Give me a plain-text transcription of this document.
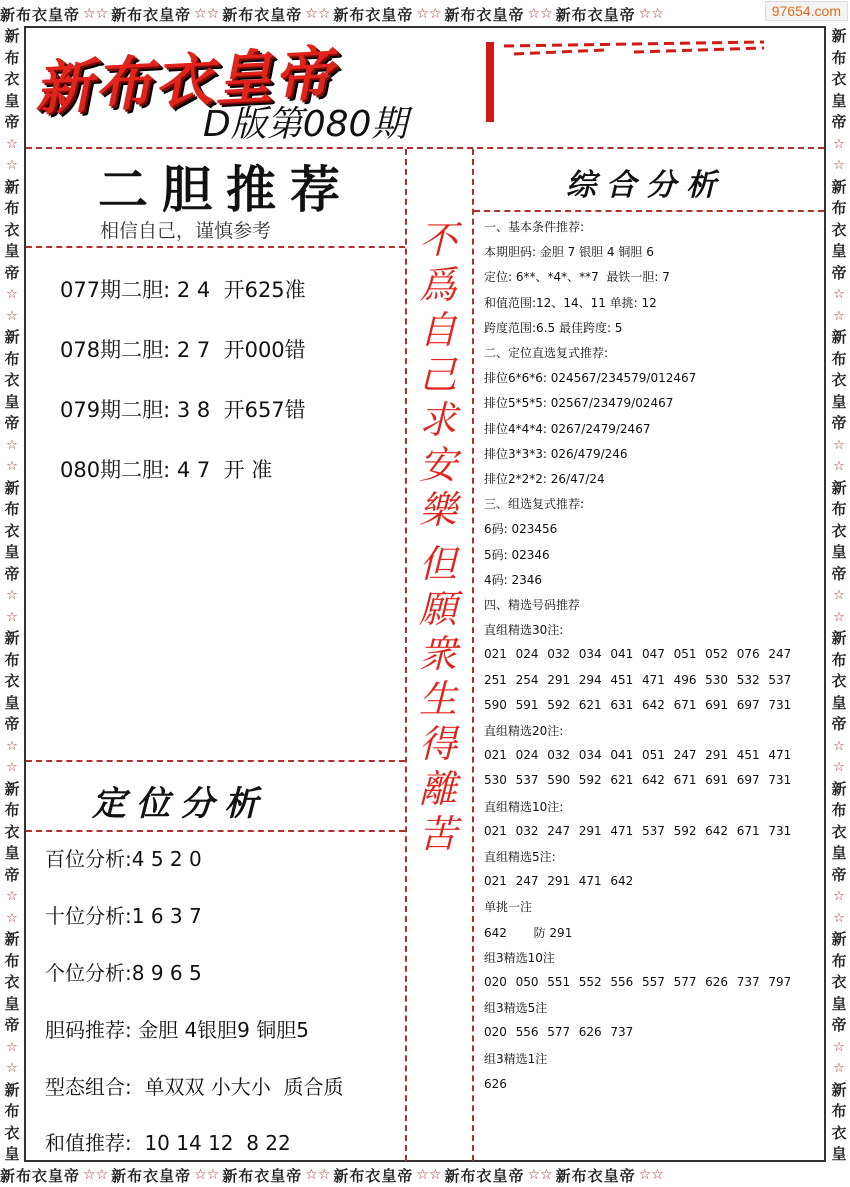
新布衣皇帝 ☆☆ 新布衣皇帝 ☆☆ 新布衣皇帝 ☆☆ 新布衣皇帝 ☆☆ 新布衣皇帝 ☆☆ 新布衣皇帝 ☆☆
新布衣皇帝 ☆☆ 新布衣皇帝 ☆☆ 新布衣皇帝 ☆☆ 新布衣皇帝 ☆☆ 新布衣皇帝 ☆☆ 新布衣皇帝 ☆☆
新
布
衣
皇
帝
☆
☆
新
布
衣
皇
帝
☆
☆
新
布
衣
皇
帝
☆
☆
新
布
衣
皇
帝
☆
☆
新
布
衣
皇
帝
☆
☆
新
布
衣
皇
帝
☆
☆
新
布
衣
皇
帝
☆
☆
新
布
衣
皇
新
布
衣
皇
帝
☆
☆
新
布
衣
皇
帝
☆
☆
新
布
衣
皇
帝
☆
☆
新
布
衣
皇
帝
☆
☆
新
布
衣
皇
帝
☆
☆
新
布
衣
皇
帝
☆
☆
新
布
衣
皇
帝
☆
☆
新
布
衣
皇
97654.com
新布衣皇帝
D版第080期
二胆推荐
相信自己，谨慎参考
077期二胆: 2 4  开625准
078期二胆: 2 7  开000错
079期二胆: 3 8  开657错
080期二胆: 4 7  开 准
定位分析
百位分析:4 5 2 0
十位分析:1 6 3 7
个位分析:8 9 6 5
胆码推荐: 金胆 4银胆9 铜胆5
型态组合:  单双双 小大小  质合质
和值推荐:  10 14 12  8 22
不
爲
自
己
求
安
樂
但
願
衆
生
得
離
苦
综合分析
一、基本条件推荐:
本期胆码: 金胆 7 银胆 4 铜胆 6
定位: 6**、*4*、**7  最铁一胆: 7
和值范围:12、14、11 单挑: 12
跨度范围:6.5 最佳跨度: 5
二、定位直选复式推荐:
排位6*6*6: 024567/234579/012467
排位5*5*5: 02567/23479/02467
排位4*4*4: 0267/2479/2467
排位3*3*3: 026/479/246
排位2*2*2: 26/47/24
三、组选复式推荐:
6码: 023456
5码: 02346
4码: 2346
四、精选号码推荐
直组精选30注:
021 024 032 034 041 047 051 052 076 247
251 254 291 294 451 471 496 530 532 537
590 591 592 621 631 642 671 691 697 731
直组精选20注:
021 024 032 034 041 051 247 291 451 471
530 537 590 592 621 642 671 691 697 731
直组精选10注:
021 032 247 291 471 537 592 642 671 731
直组精选5注:
021 247 291 471 642
单挑一注
642       防 291
组3精选10注
020 050 551 552 556 557 577 626 737 797
组3精选5注
020 556 577 626 737
组3精选1注
626
